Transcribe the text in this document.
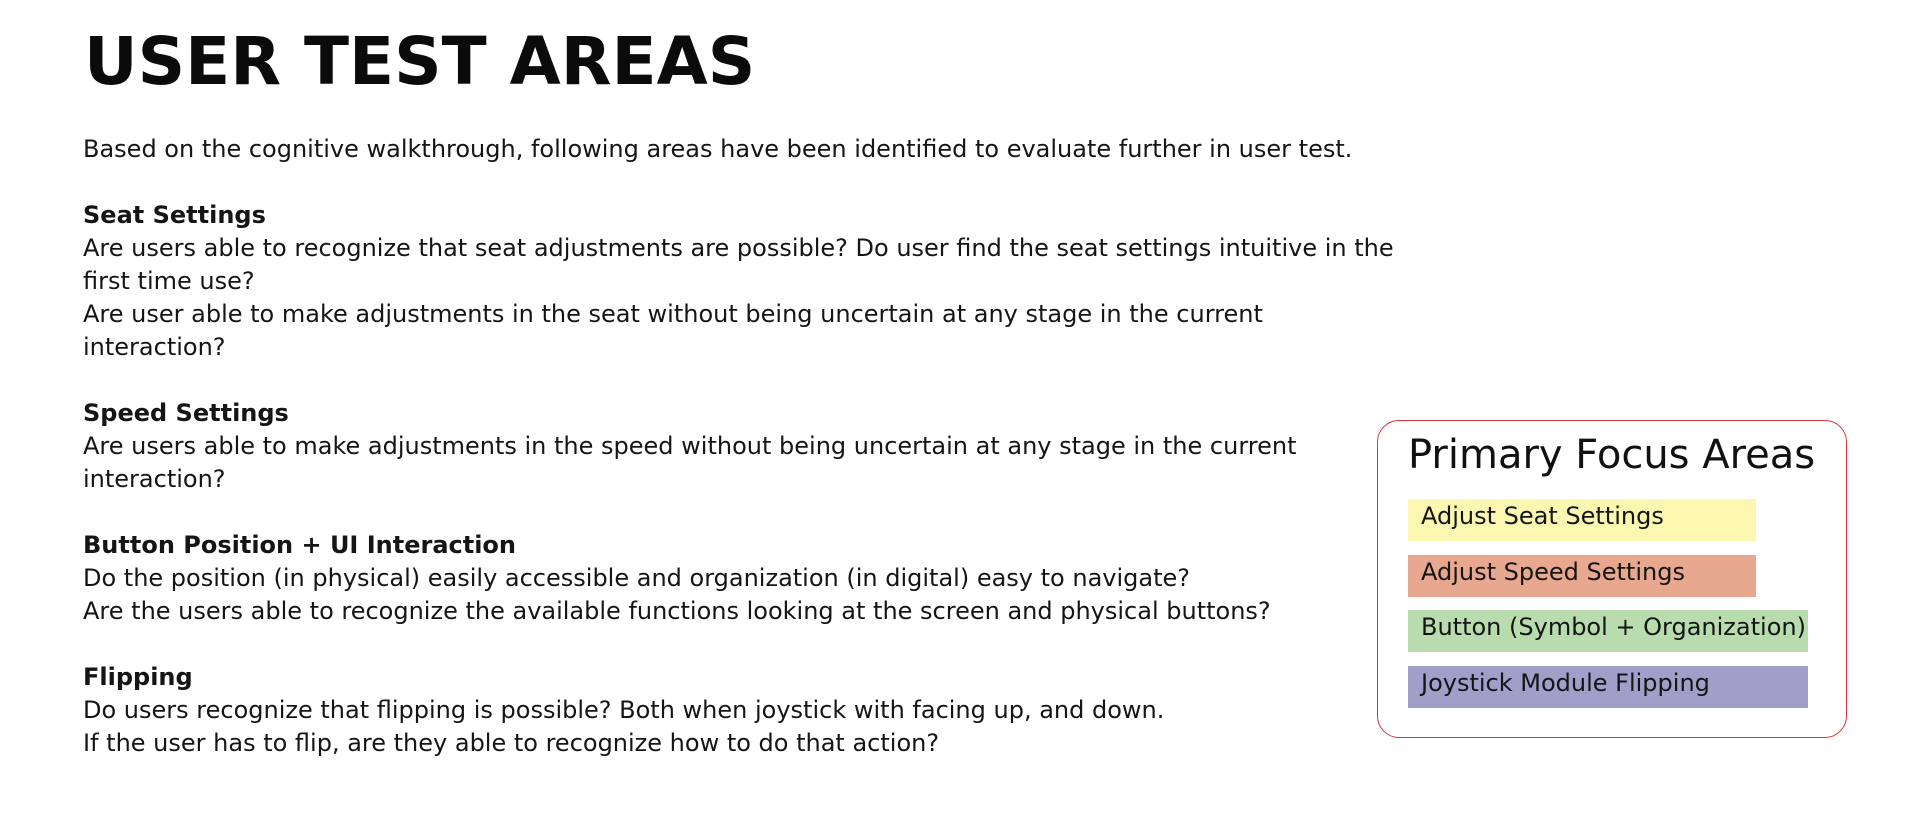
USER TEST AREAS

Based on the cognitive walkthrough, following areas have been identified to evaluate further in user test.

Seat Settings
Are users able to recognize that seat adjustments are possible? Do user find the seat settings intuitive in the first time use?
Are user able to make adjustments in the seat without being uncertain at any stage in the current interaction?
Speed Settings
Are users able to make adjustments in the speed without being uncertain at any stage in the current interaction?
Button Position + UI Interaction
Do the position (in physical) easily accessible and organization (in digital) easy to navigate?
Are the users able to recognize the available functions looking at the screen and physical buttons?
Flipping
Do users recognize that flipping is possible? Both when joystick with facing up, and down.
If the user has to flip, are they able to recognize how to do that action?
Primary Focus Areas
Adjust Seat Settings
Adjust Speed Settings
Button (Symbol + Organization)
Joystick Module Flipping
